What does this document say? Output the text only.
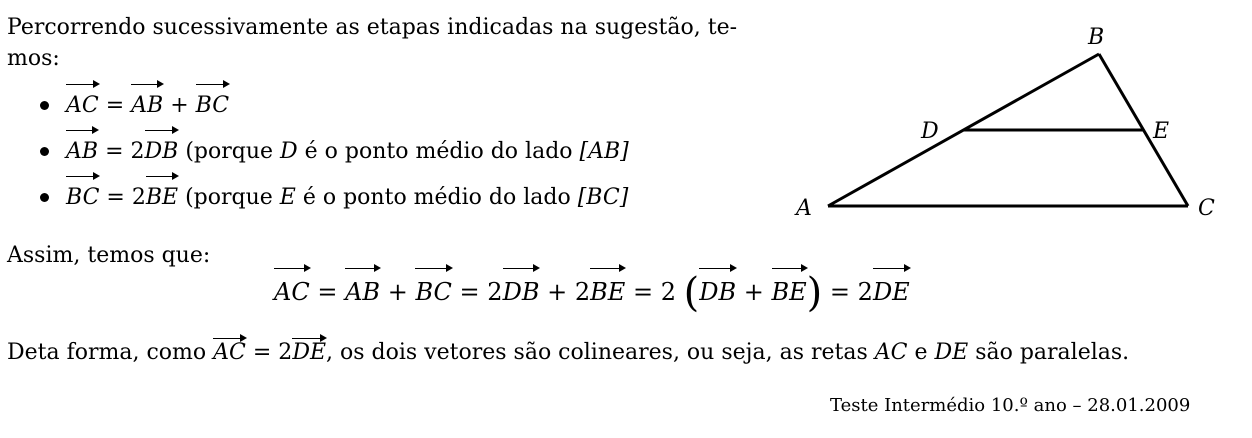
Percorrendo sucessivamente as etapas indicadas na sugestão, te-
mos:
AC = AB + BC
AB = 2DB (porque D é o ponto médio do lado [AB]
BC = 2BE (porque E é o ponto médio do lado [BC]	A
B
C
D	E
Assim, temos que:
AC = AB + BC = 2DB + 2BE = 2 (DB + BE) = 2DE
Deta forma, como AC = 2DE, os dois vetores são colineares, ou seja, as retas AC e DE são paralelas.
Teste Intermédio 10.º ano – 28.01.2009
